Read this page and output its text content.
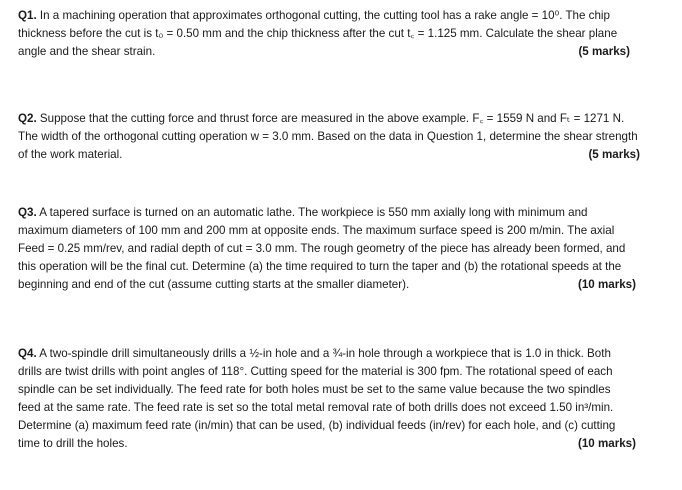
Q1. In a machining operation that approximates orthogonal cutting, the cutting tool has a rake angle = 10⁰. The chip thickness before the cut is t₀ = 0.50 mm and the chip thickness after the cut t꜀ = 1.125 mm. Calculate the shear plane angle and the shear strain.	(5 marks)

Q2. Suppose that the cutting force and thrust force are measured in the above example. F꜀ = 1559 N and Fₜ = 1271 N. The width of the orthogonal cutting operation w = 3.0 mm. Based on the data in Question 1, determine the shear strength of the work material.	(5 marks)

Q3. A tapered surface is turned on an automatic lathe. The workpiece is 550 mm axially long with minimum and maximum diameters of 100 mm and 200 mm at opposite ends. The maximum surface speed is 200 m/min. The axial Feed = 0.25 mm/rev, and radial depth of cut = 3.0 mm. The rough geometry of the piece has already been formed, and this operation will be the final cut. Determine (a) the time required to turn the taper and (b) the rotational speeds at the beginning and end of the cut (assume cutting starts at the smaller diameter).	(10 marks)

Q4. A two-spindle drill simultaneously drills a ½-in hole and a ¾-in hole through a workpiece that is 1.0 in thick. Both drills are twist drills with point angles of 118°. Cutting speed for the material is 300 fpm. The rotational speed of each spindle can be set individually. The feed rate for both holes must be set to the same value because the two spindles feed at the same rate. The feed rate is set so the total metal removal rate of both drills does not exceed 1.50 in³/min. Determine (a) maximum feed rate (in/min) that can be used, (b) individual feeds (in/rev) for each hole, and (c) cutting time to drill the holes.	(10 marks)
